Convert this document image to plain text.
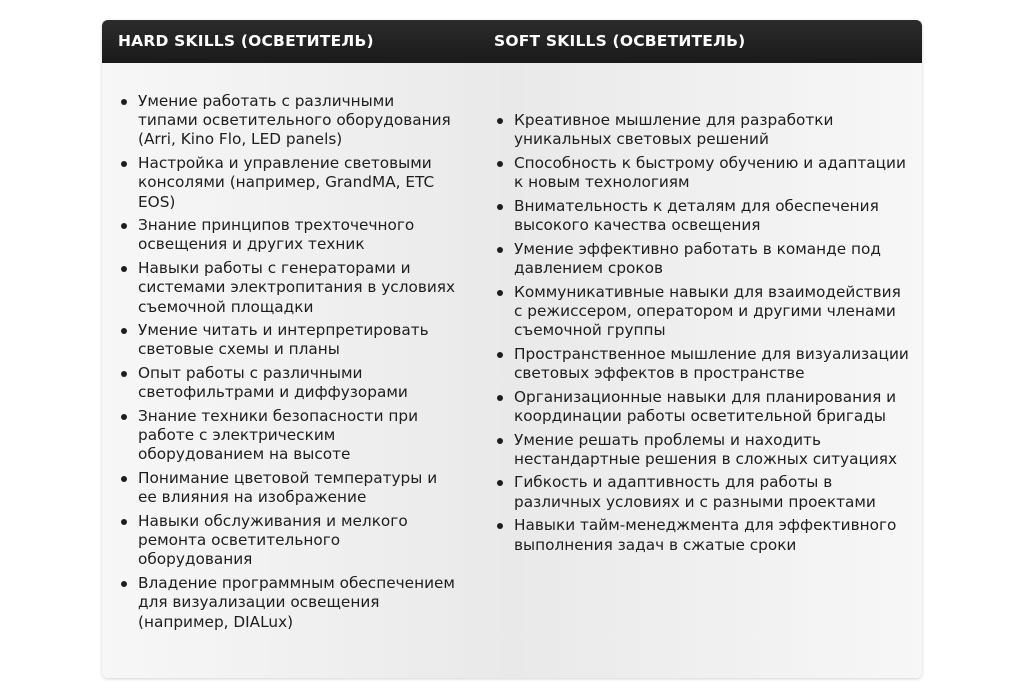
HARD SKILLS (ОСВЕТИТЕЛЬ)	SOFT SKILLS (ОСВЕТИТЕЛЬ)
Умение работать с различными типами осветительного оборудования (Arri, Kino Flo, LED panels)
Настройка и управление световыми консолями (например, GrandMA, ETC EOS)
Знание принципов трехточечного освещения и других техник
Навыки работы с генераторами и системами электропитания в условиях съемочной площадки
Умение читать и интерпретировать световые схемы и планы
Опыт работы с различными светофильтрами и диффузорами
Знание техники безопасности при работе с электрическим оборудованием на высоте
Понимание цветовой температуры и ее влияния на изображение
Навыки обслуживания и мелкого ремонта осветительного оборудования
Владение программным обеспечением для визуализации освещения (например, DIALux)
Креативное мышление для разработки уникальных световых решений
Способность к быстрому обучению и адаптации к новым технологиям
Внимательность к деталям для обеспечения высокого качества освещения
Умение эффективно работать в команде под давлением сроков
Коммуникативные навыки для взаимодействия с режиссером, оператором и другими членами съемочной группы
Пространственное мышление для визуализации световых эффектов в пространстве
Организационные навыки для планирования и координации работы осветительной бригады
Умение решать проблемы и находить нестандартные решения в сложных ситуациях
Гибкость и адаптивность для работы в различных условиях и с разными проектами
Навыки тайм-менеджмента для эффективного выполнения задач в сжатые сроки
